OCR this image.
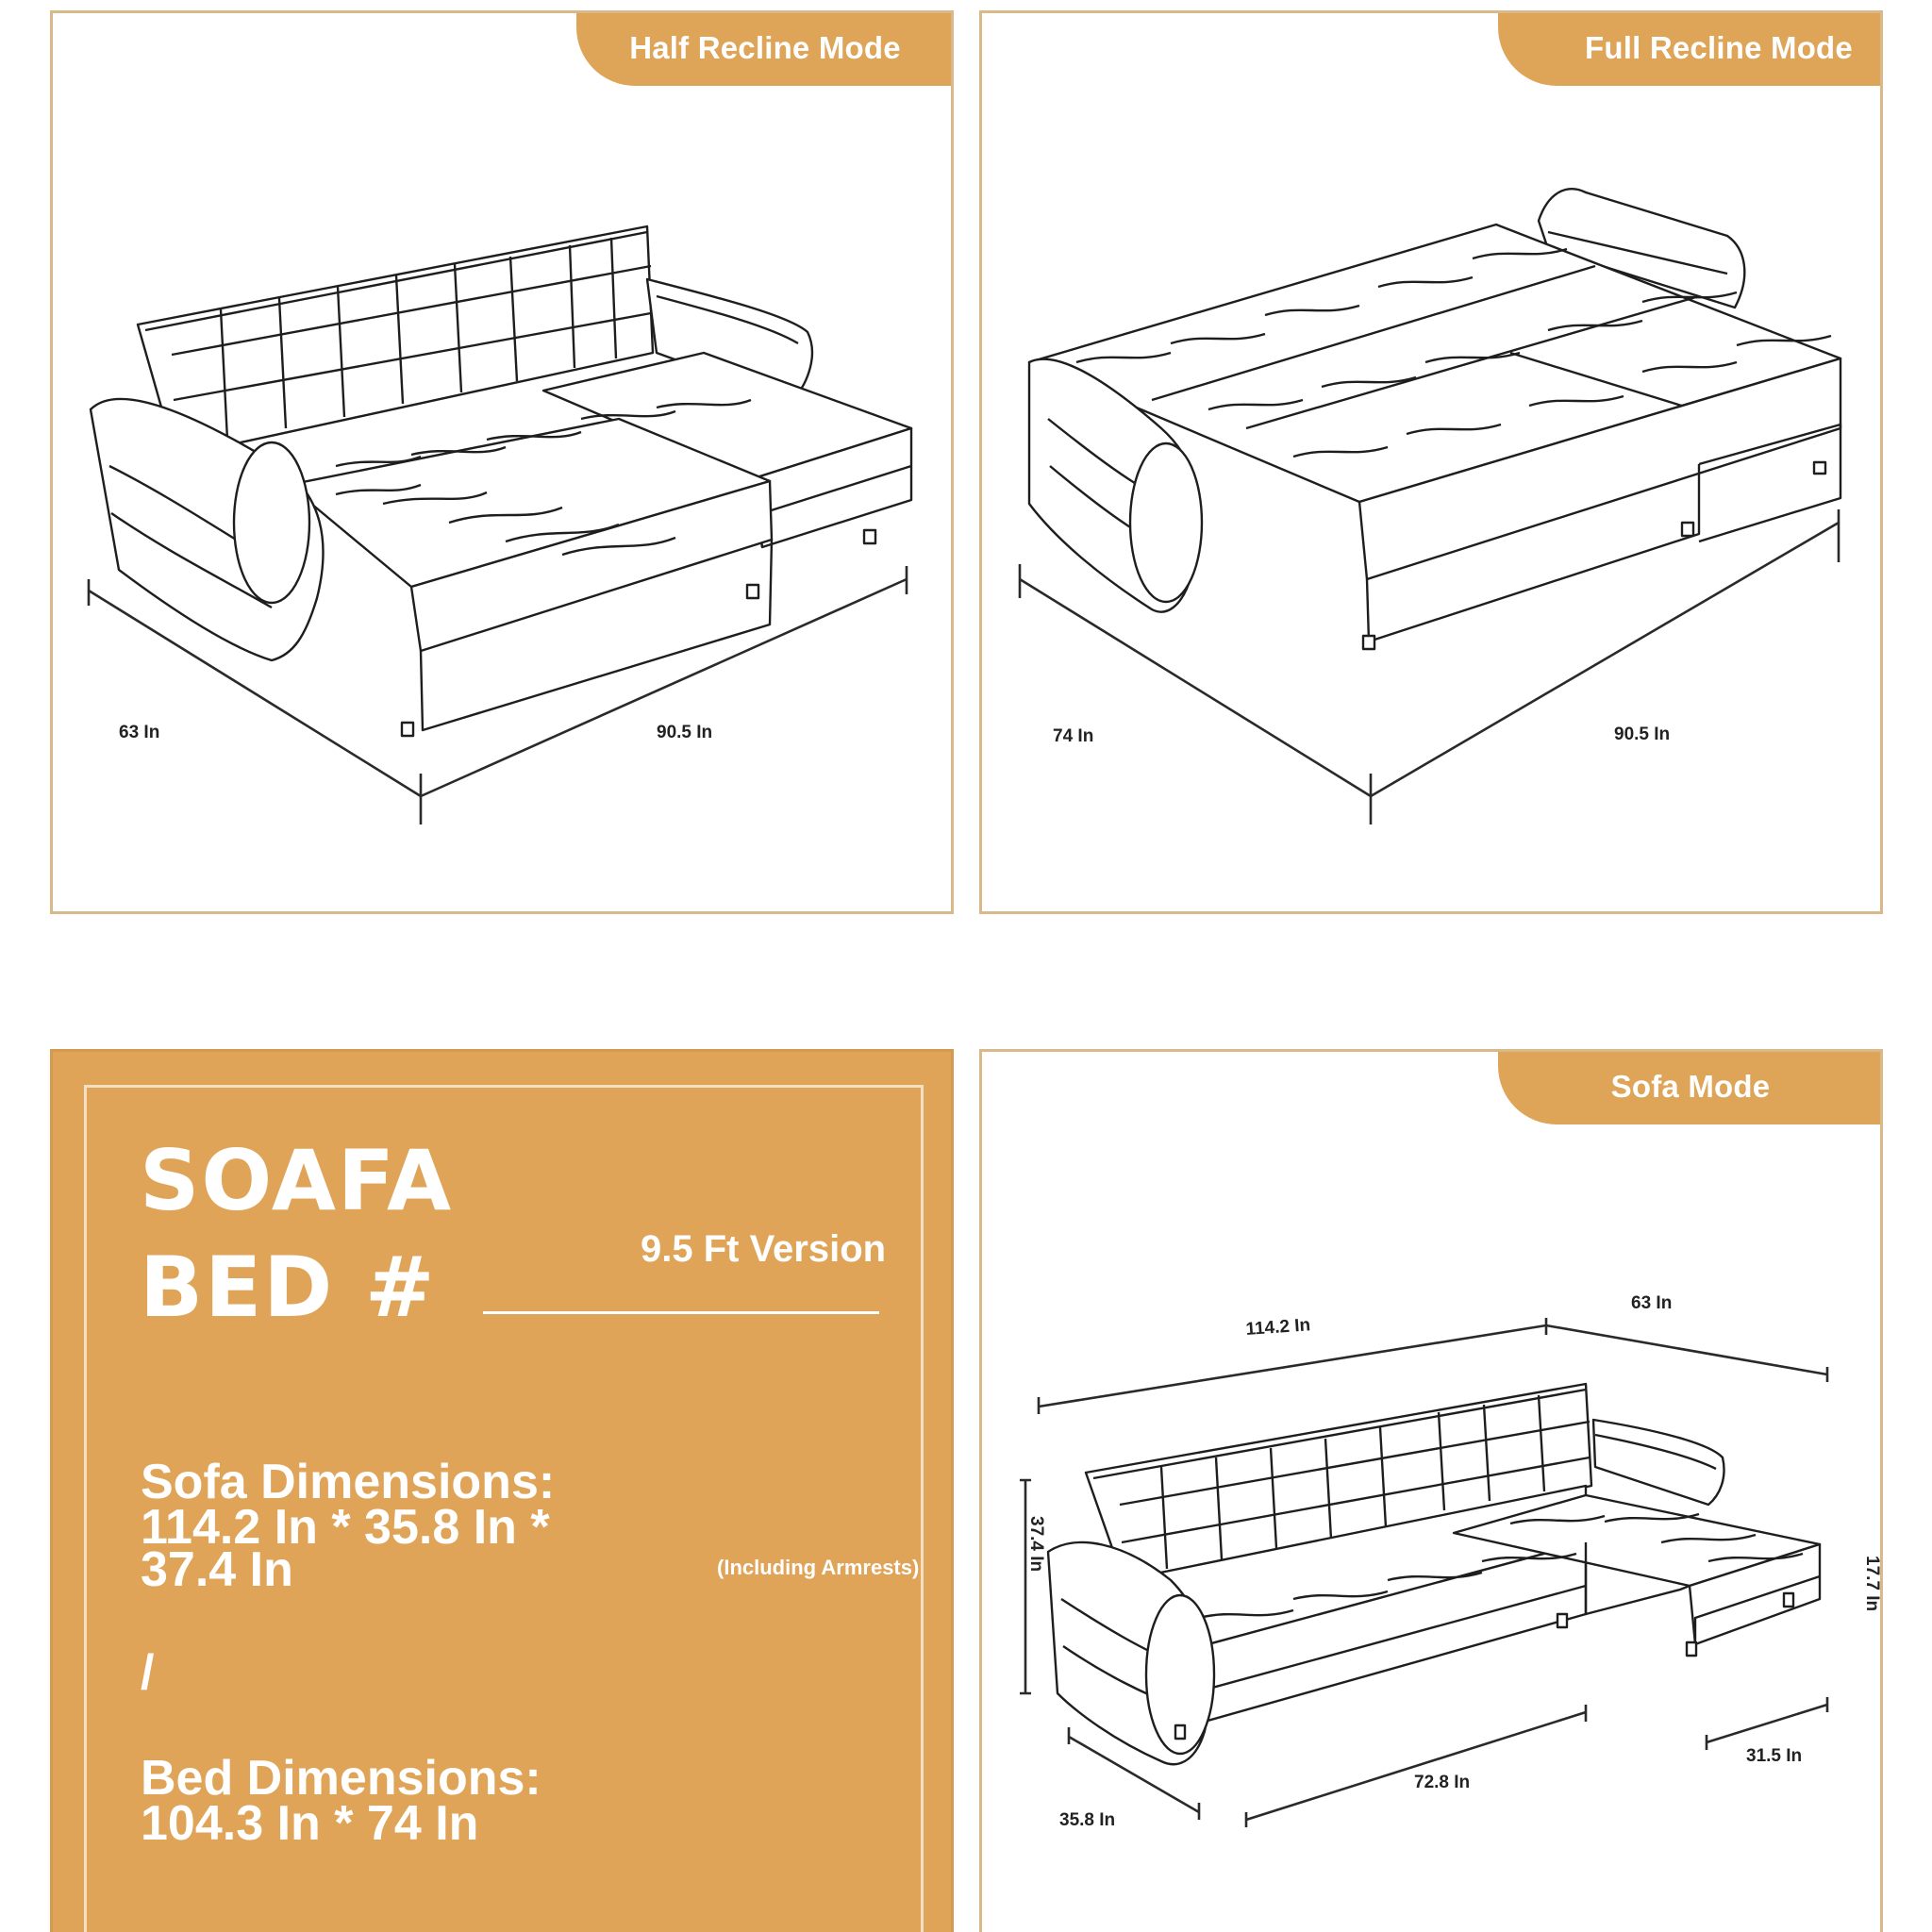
Half Recline Mode
63 In	90.5 In
Full Recline Mode
74 In	90.5 In
SOAFA
BED #	9.5 Ft Version
Sofa Dimensions:
114.2 In * 35.8 In *
37.4 In	(Including Armrests)
/
Bed Dimensions:
104.3 In * 74 In
Sofa Mode
114.2 In
63 In
37.4 In
17.7 In
35.8 In
72.8 In
31.5 In
